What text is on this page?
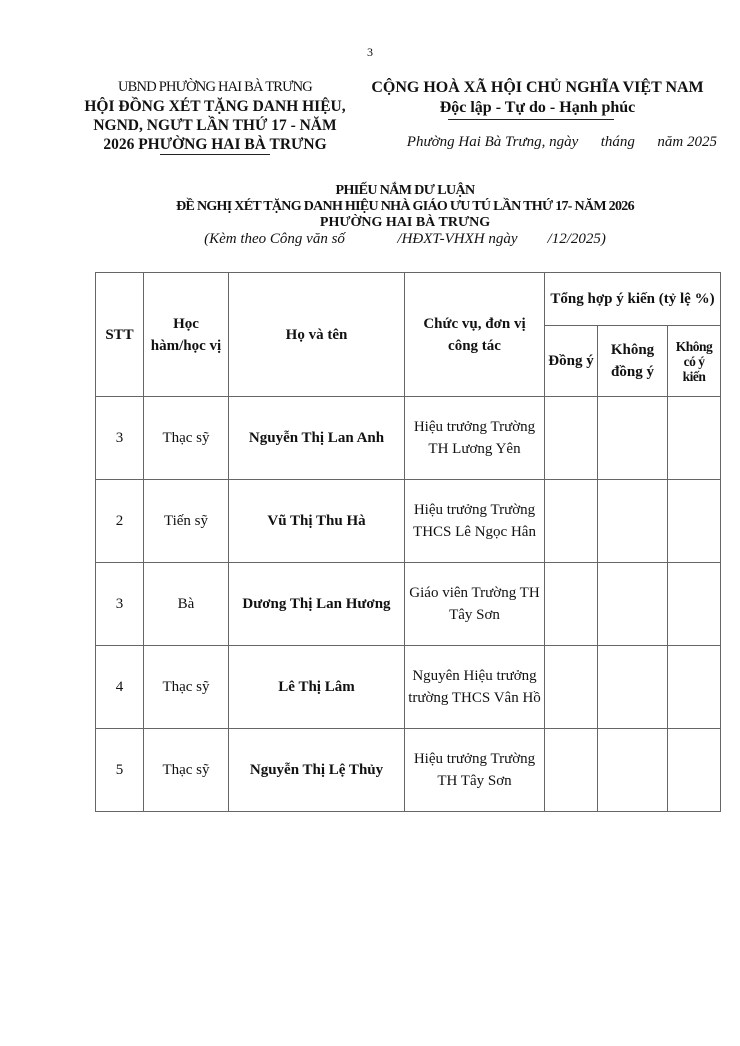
3
UBND PHƯỜNG HAI BÀ TRƯNG
HỘI ĐỒNG XÉT TẶNG DANH HIỆU,
NGND, NGƯT LẦN THỨ 17 - NĂM
2026 PHƯỜNG HAI BÀ TRƯNG
CỘNG HOÀ XÃ HỘI CHỦ NGHĨA VIỆT NAM
Độc lập - Tự do - Hạnh phúc
Phường Hai Bà Trưng, ngày      tháng      năm 2025
PHIẾU NẮM DƯ LUẬN
ĐỀ NGHỊ XÉT TẶNG DANH HIỆU NHÀ GIÁO ƯU TÚ LẦN THỨ 17- NĂM 2026
PHƯỜNG HAI BÀ TRƯNG
(Kèm theo Công văn số              /HĐXT-VHXH ngày        /12/2025)
STT	Học hàm/học vị	Họ và tên	Chức vụ, đơn vị công tác	Tổng hợp ý kiến (tỷ lệ %)		
				Đồng ý	Không đồng ý	Không có ý kiến
3	Thạc sỹ	Nguyễn Thị Lan Anh	Hiệu trưởng Trường TH Lương Yên			
2	Tiến sỹ	Vũ Thị Thu Hà	Hiệu trưởng Trường THCS Lê Ngọc Hân			
3	Bà	Dương Thị Lan Hương	Giáo viên Trường TH Tây Sơn			
4	Thạc sỹ	Lê Thị Lâm	Nguyên Hiệu trưởng trường THCS Vân Hồ			
5	Thạc sỹ	Nguyễn Thị Lệ Thủy	Hiệu trưởng Trường TH Tây Sơn			
